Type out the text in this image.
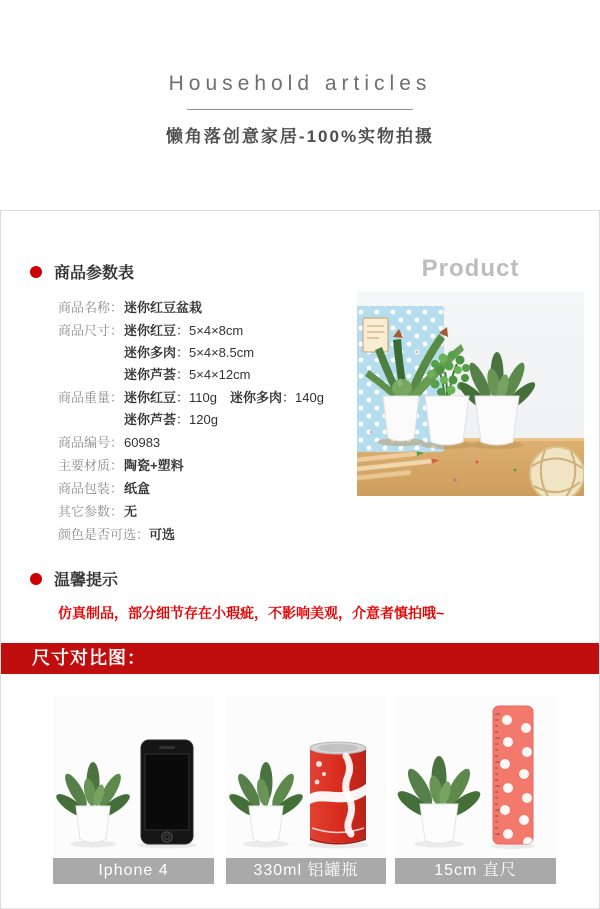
Household articles
懒角落创意家居-100%实物拍摄
商品参数表	Product
商品名称： 迷你红豆盆栽
商品尺寸： 迷你红豆：5×4×8cm
迷你多肉：5×4×8.5cm
迷你芦荟：5×4×12cm
商品重量： 迷你红豆：110g　 迷你多肉：140g
迷你芦荟：120g
商品编号： 60983
主要材质： 陶瓷+塑料
商品包装： 纸盒
其它参数： 无
颜色是否可选： 可选
温馨提示
仿真制品，部分细节存在小瑕疵，不影响美观，介意者慎拍哦~
尺寸对比图：
Iphone 4	330ml 铝罐瓶	15cm 直尺
